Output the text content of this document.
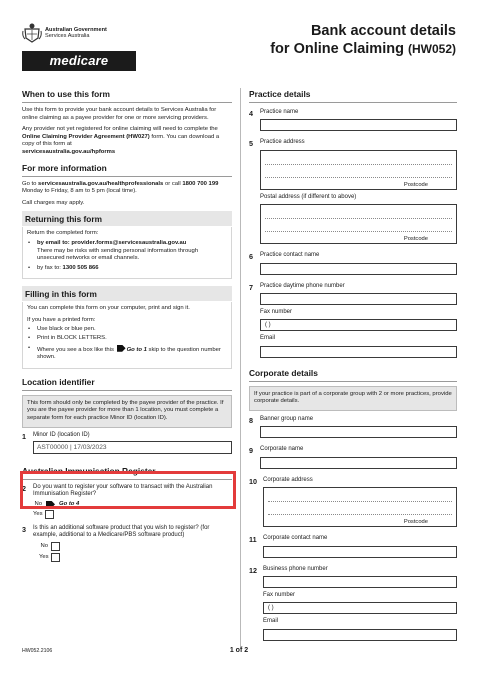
Australian Government
Services Australia
medicare
Bank account details
for Online Claiming (HW052)
When to use this form

Use this form to provide your bank account details to Services Australia for online claiming as a payee provider for one or more servicing providers.

Any provider not yet registered for online claiming will need to complete the Online Claiming Provider Agreement (HW027) form. You can download a copy of this form at
servicesaustralia.gov.au/hpforms

For more information

Go to servicesaustralia.gov.au/healthprofessionals or call 1800 700 199 Monday to Friday, 8 am to 5 pm (local time).

Call charges may apply.

Returning this form

Return the completed form:

• by email to: provider.forms@servicesaustralia.gov.au
There may be risks with sending personal information through unsecured networks or email channels.
• by fax to: 1300 505 866
Filling in this form

You can complete this form on your computer, print and sign it.

If you have a printed form:

• Use black or blue pen.
• Print in BLOCK LETTERS.
• Where you see a box like this Go to 1 skip to the question number shown.
Location identifier

This form should only be completed by the payee provider of the practice. If you are the payee provider for more than 1 location, you must complete a separate form for each practice Minor ID (location ID).

1 Minor ID (location ID)
AST00000 | 17/03/2023
Australian Immunisation Register
2 Do you want to register your software to transact with the Australian Immunisation Register?
No	Go to 4
Yes
3 Is this an additional software product that you wish to register? (for example, additional to a Medicare/PBS software product)
No
Yes
Practice details
4 Practice name
5 Practice address
Postcode
Postal address (if different to above)
Postcode
6 Practice contact name
7 Practice daytime phone number
Fax number
( )
Email
Corporate details

If your practice is part of a corporate group with 2 or more practices, provide corporate details.

8 Banner group name
9 Corporate name
10 Corporate address
Postcode
11 Corporate contact name
12 Business phone number
Fax number
( )
Email
HW052.2106	1 of 2
